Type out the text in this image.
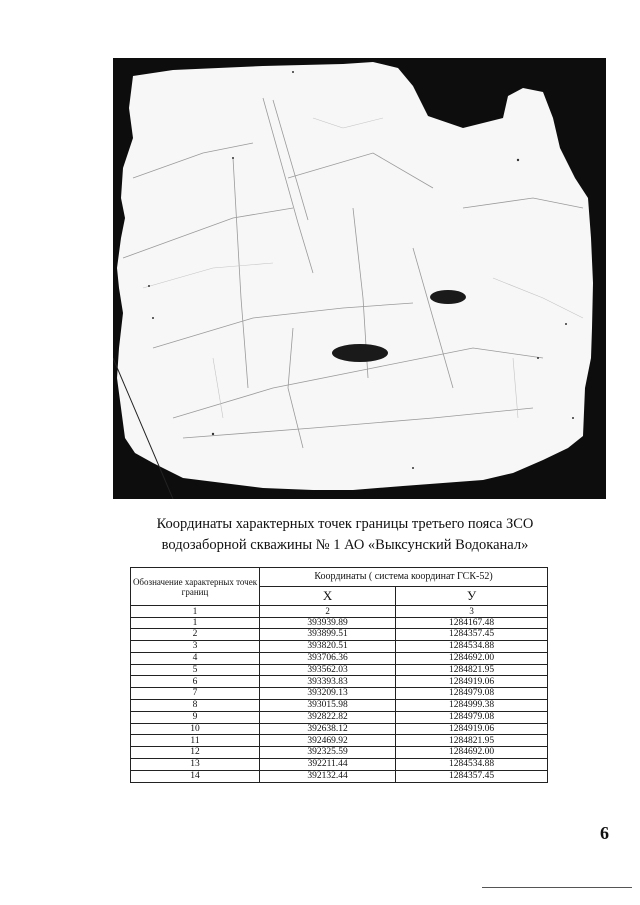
Координаты характерных точек границы третьего пояса ЗСО
водозаборной скважины № 1 АО «Выксунский Водоканал»
Обозначение характерных точек границ	Координаты ( система координат ГСК-52)	
	X	У
1	2	3
1	393939.89	1284167.48
2	393899.51	1284357.45
3	393820.51	1284534.88
4	393706.36	1284692.00
5	393562.03	1284821.95
6	393393.83	1284919.06
7	393209.13	1284979.08
8	393015.98	1284999.38
9	392822.82	1284979.08
10	392638.12	1284919.06
11	392469.92	1284821.95
12	392325.59	1284692.00
13	392211.44	1284534.88
14	392132.44	1284357.45
6
